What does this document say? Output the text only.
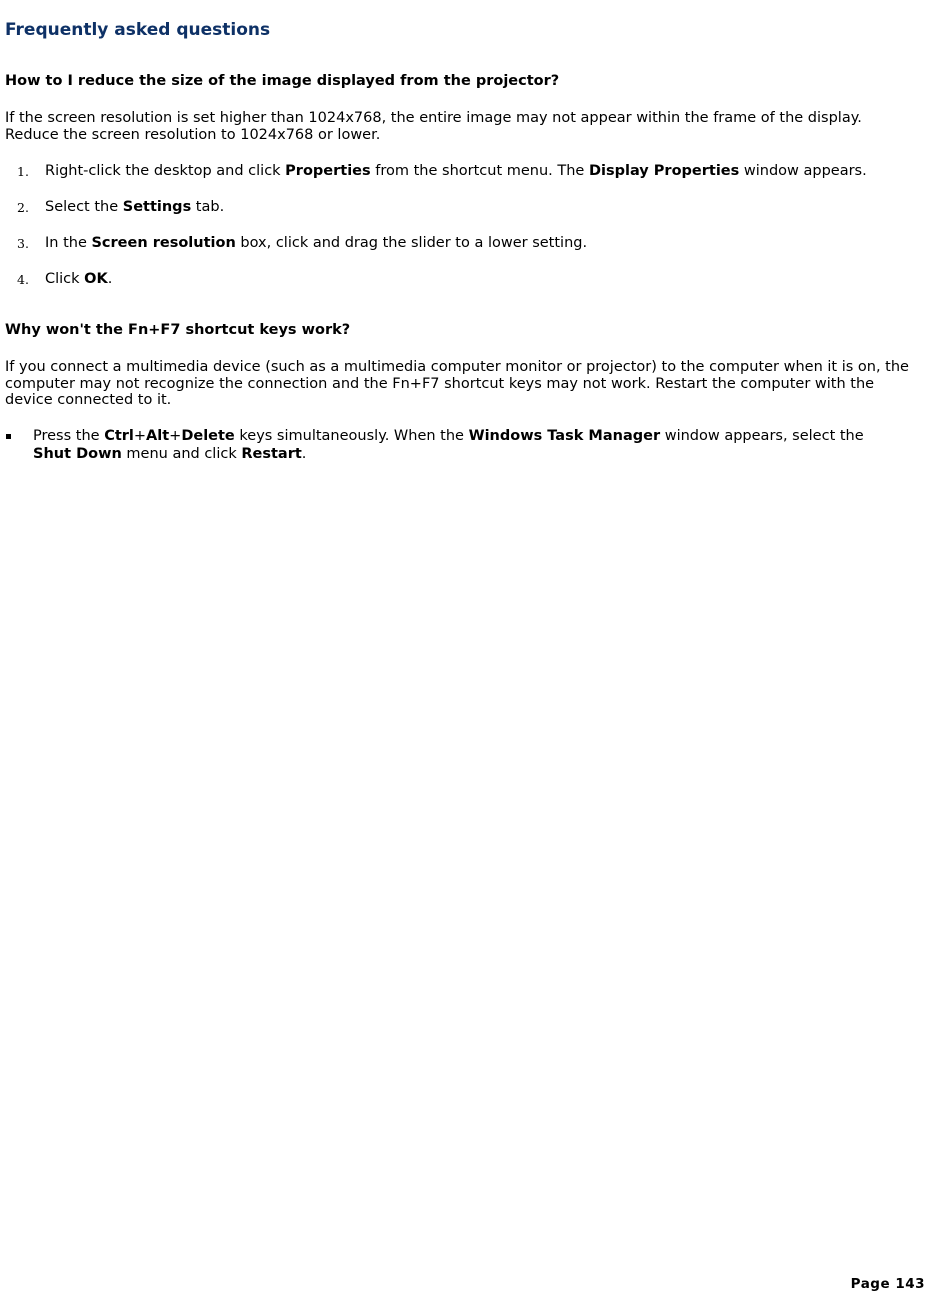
Frequently asked questions
How to I reduce the size of the image displayed from the projector?
If the screen resolution is set higher than 1024x768, the entire image may not appear within the frame of the display.
Reduce the screen resolution to 1024x768 or lower.
1. Right-click the desktop and click Properties from the shortcut menu. The Display Properties window appears.
2. Select the Settings tab.
3. In the Screen resolution box, click and drag the slider to a lower setting.
4. Click OK.
Why won't the Fn+F7 shortcut keys work?
If you connect a multimedia device (such as a multimedia computer monitor or projector) to the computer when it is on, the
computer may not recognize the connection and the Fn+F7 shortcut keys may not work. Restart the computer with the
device connected to it.
Press the Ctrl+Alt+Delete keys simultaneously. When the Windows Task Manager window appears, select the
Shut Down menu and click Restart.
Page 143
